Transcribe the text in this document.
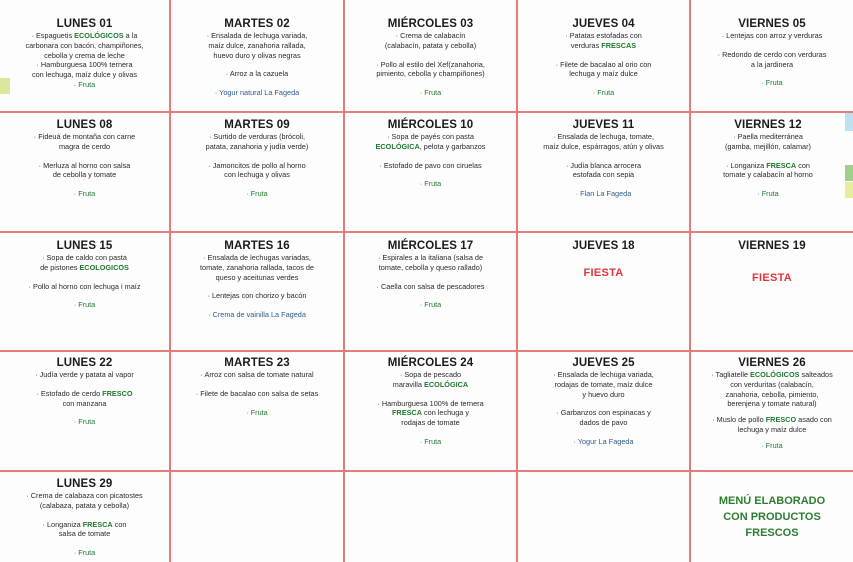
LUNES 01
· Espaguetis ECOLÓGICOS a la
carbonara con bacón, champiñones,
cebolla y crema de leche
· Hamburguesa 100% ternera
con lechuga, maíz dulce y olivas
· Fruta
MARTES 02
· Ensalada de lechuga variada,
maíz dulce, zanahoria rallada,
huevo duro y olivas negras
· Arroz a la cazuela
· Yogur natural La Fageda
MIÉRCOLES 03
· Crema de calabacín
(calabacín, patata y cebolla)
· Pollo al estilo del Xef(zanahoria,
pimiento, cebolla y champiñones)
· Fruta
JUEVES 04
· Patatas estofadas con
verduras FRESCAS
· Filete de bacalao al orio con
lechuga y maíz dulce
· Fruta
VIERNES 05
· Lentejas con arroz y verduras
· Redondo de cerdo con verduras
a la jardinera
· Fruta
LUNES 08
· Fideuá de montaña con carne
magra de cerdo
· Merluza al horno con salsa
de cebolla y tomate
· Fruta
MARTES 09
· Surtido de verduras (brócoli,
patata, zanahoria y judía verde)
· Jamoncitos de pollo al horno
con lechuga y olivas
· Fruta
MIÉRCOLES 10
· Sopa de payés con pasta
ECOLÓGICA, pelota y garbanzos
· Estofado de pavo con ciruelas
· Fruta
JUEVES 11
· Ensalada de lechuga, tomate,
maíz dulce, espárragos, atún y olivas
· Judía blanca arrocera
estofada con sepia
· Flan La Fageda
VIERNES 12
· Paella mediterránea
(gamba, mejillón, calamar)
· Longaniza FRESCA con
tomate y calabacín al horno
· Fruta
LUNES 15
· Sopa de caldo con pasta
de pistones ECOLOGICOS
· Pollo al horno con lechuga i maíz
· Fruta
MARTES 16
· Ensalada de lechugas variadas,
tomate, zanahoria rallada, tacos de
queso y aceitunas verdes
· Lentejas con chorizo y bacón
· Crema de vainilla La Fageda
MIÉRCOLES 17
· Espirales a la italiana (salsa de
tomate, cebolla y queso rallado)
· Caella con salsa de pescadores
· Fruta
JUEVES 18
FIESTA
VIERNES 19
FIESTA
LUNES 22
· Judía verde y patata al vapor
· Estofado de cerdo FRESCO
con manzana
· Fruta
MARTES 23
· Arroz con salsa de tomate natural
· Filete de bacalao con salsa de setas
· Fruta
MIÉRCOLES 24
· Sopa de pescado
maravilla ECOLÓGICA
· Hamburguesa 100% de ternera
FRESCA con lechuga y
rodajas de tomate
· Fruta
JUEVES 25
· Ensalada de lechuga variada,
rodajas de tomate, maíz dulce
y huevo duro
· Garbanzos con espinacas y
dados de pavo
· Yogur La Fageda
VIERNES 26
· Tagliatelle ECOLÓGICOS salteados
con verduritas (calabacín,
zanahoria, cebolla, pimiento,
berenjena y tomate natural)
· Muslo de pollo FRESCO asado con
lechuga y maíz dulce
· Fruta
LUNES 29
· Crema de calabaza con picatostes
(calabaza, patata y cebolla)
· Longaniza FRESCA con
salsa de tomate
· Fruta
MENÚ ELABORADO
CON PRODUCTOS
FRESCOS
